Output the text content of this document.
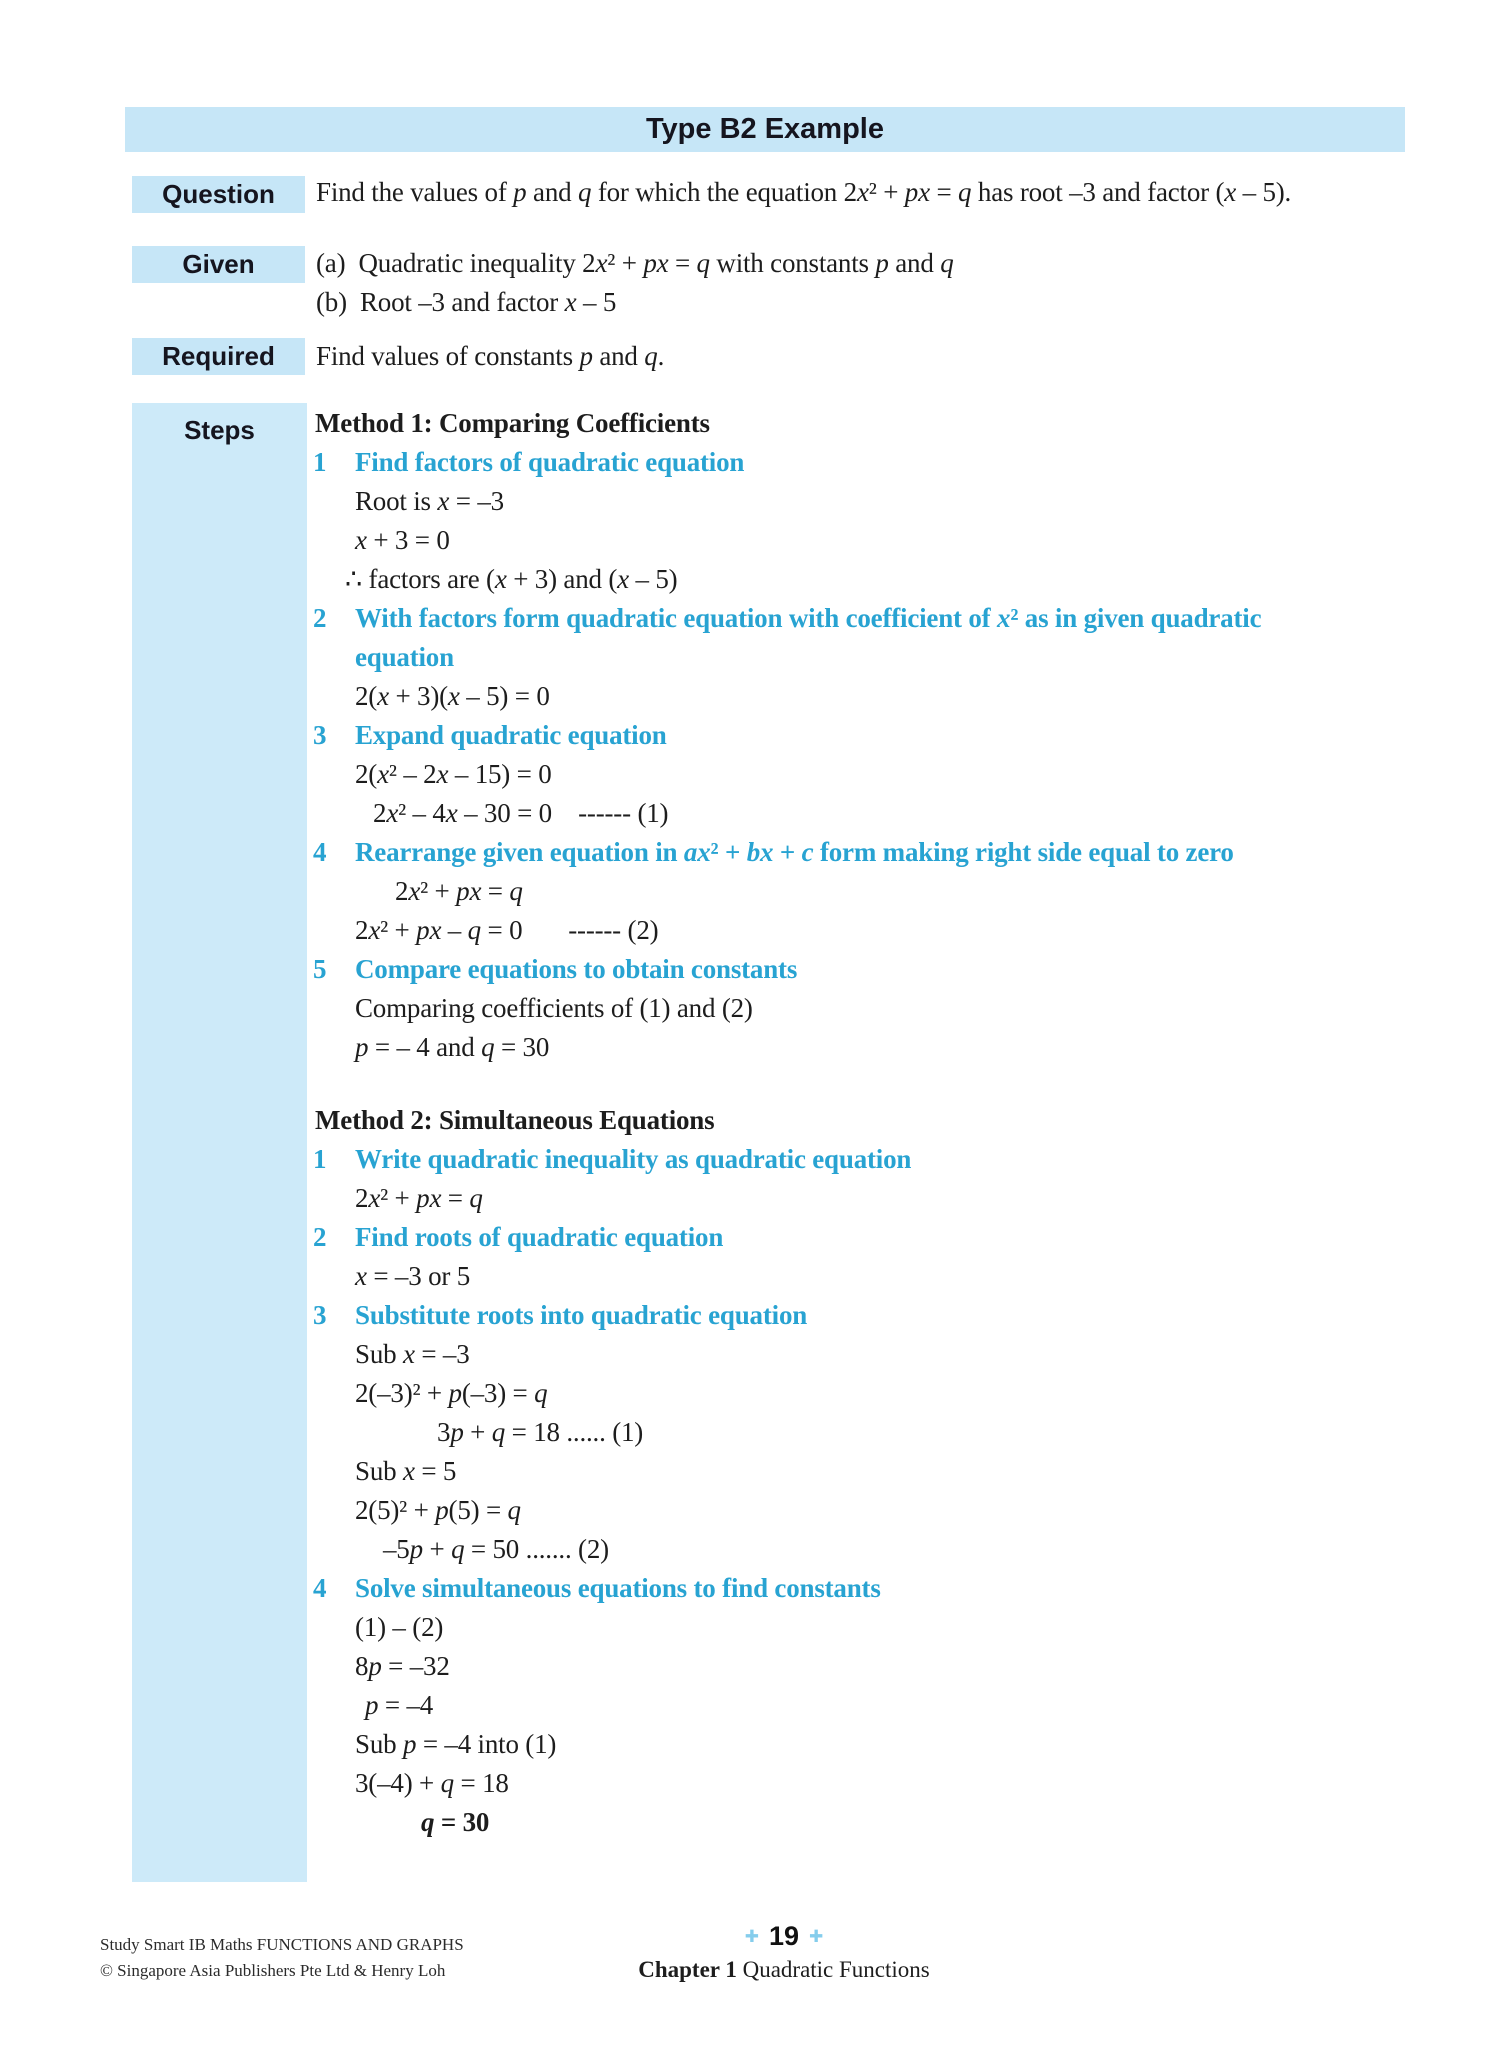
Type B2 Example
Question Find the values of p and q for which the equation 2x² + px = q has root –3 and factor (x – 5).
Given (a)  Quadratic inequality 2x² + px = q with constants p and q
(b)  Root –3 and factor x – 5
Required Find values of constants p and q.
Steps	Method 1: Comparing Coefficients
1 Find factors of quadratic equation
Root is x = –3
x + 3 = 0
∴ factors are (x + 3) and (x – 5)
2 With factors form quadratic equation with coefficient of x² as in given quadratic
equation
2(x + 3)(x – 5) = 0
3 Expand quadratic equation
2(x² – 2x – 15) = 0
2x² – 4x – 30 = 0    ------ (1)
4 Rearrange given equation in ax² + bx + c form making right side equal to zero
2x² + px = q
2x² + px – q = 0       ------ (2)
5 Compare equations to obtain constants
Comparing coefficients of (1) and (2)
p = – 4 and q = 30
Method 2: Simultaneous Equations
1 Write quadratic inequality as quadratic equation
2x² + px = q
2 Find roots of quadratic equation
x = –3 or 5
3 Substitute roots into quadratic equation
Sub x = –3
2(–3)² + p(–3) = q
3p + q = 18 ...... (1)
Sub x = 5
2(5)² + p(5) = q
–5p + q = 50 ....... (2)
4 Solve simultaneous equations to find constants
(1) – (2)
8p = –32
p = –4
Sub p = –4 into (1)
3(–4) + q = 18
q = 30
Study Smart IB Maths FUNCTIONS AND GRAPHS
© Singapore Asia Publishers Pte Ltd & Henry Loh
✚ 19 ✚
Chapter 1 Quadratic Functions
